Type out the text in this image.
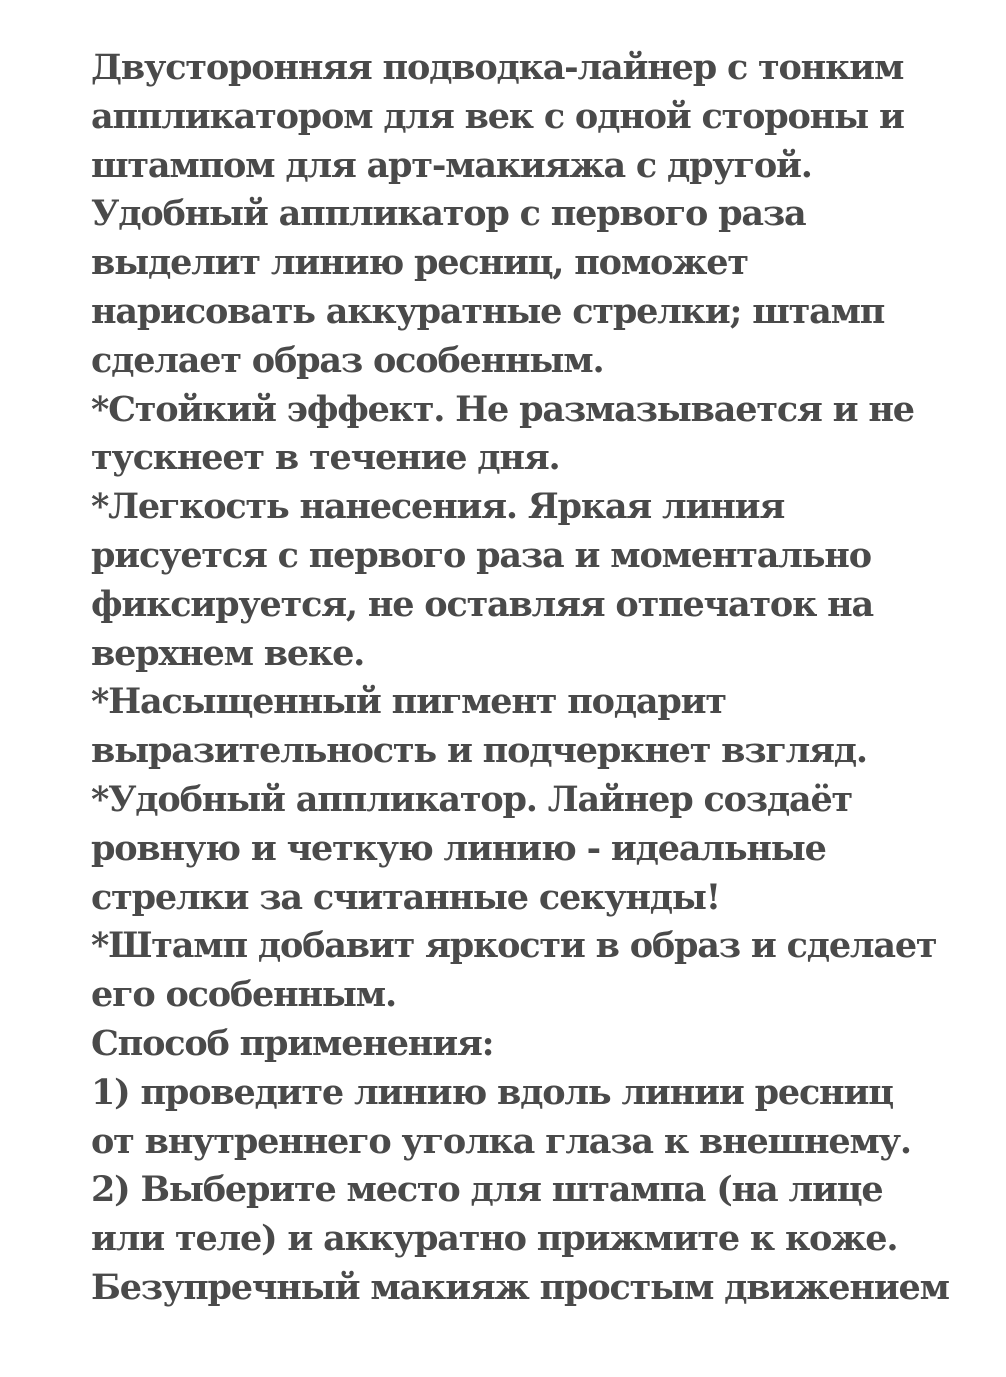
Двусторонняя подводка-лайнер с тонким
аппликатором для век с одной стороны и
штампом для арт-макияжа с другой.
Удобный аппликатор с первого раза
выделит линию ресниц, поможет
нарисовать аккуратные стрелки; штамп
сделает образ особенным.
*Стойкий эффект. Не размазывается и не
тускнеет в течение дня.
*Легкость нанесения. Яркая линия
рисуется с первого раза и моментально
фиксируется, не оставляя отпечаток на
верхнем веке.
*Насыщенный пигмент подарит
выразительность и подчеркнет взгляд.
*Удобный аппликатор. Лайнер создаёт
ровную и четкую линию - идеальные
стрелки за считанные секунды!
*Штамп добавит яркости в образ и сделает
его особенным.
Способ применения:
1) проведите линию вдоль линии ресниц
от внутреннего уголка глаза к внешнему.
2) Выберите место для штампа (на лице
или теле) и аккуратно прижмите к коже.
Безупречный макияж простым движением
